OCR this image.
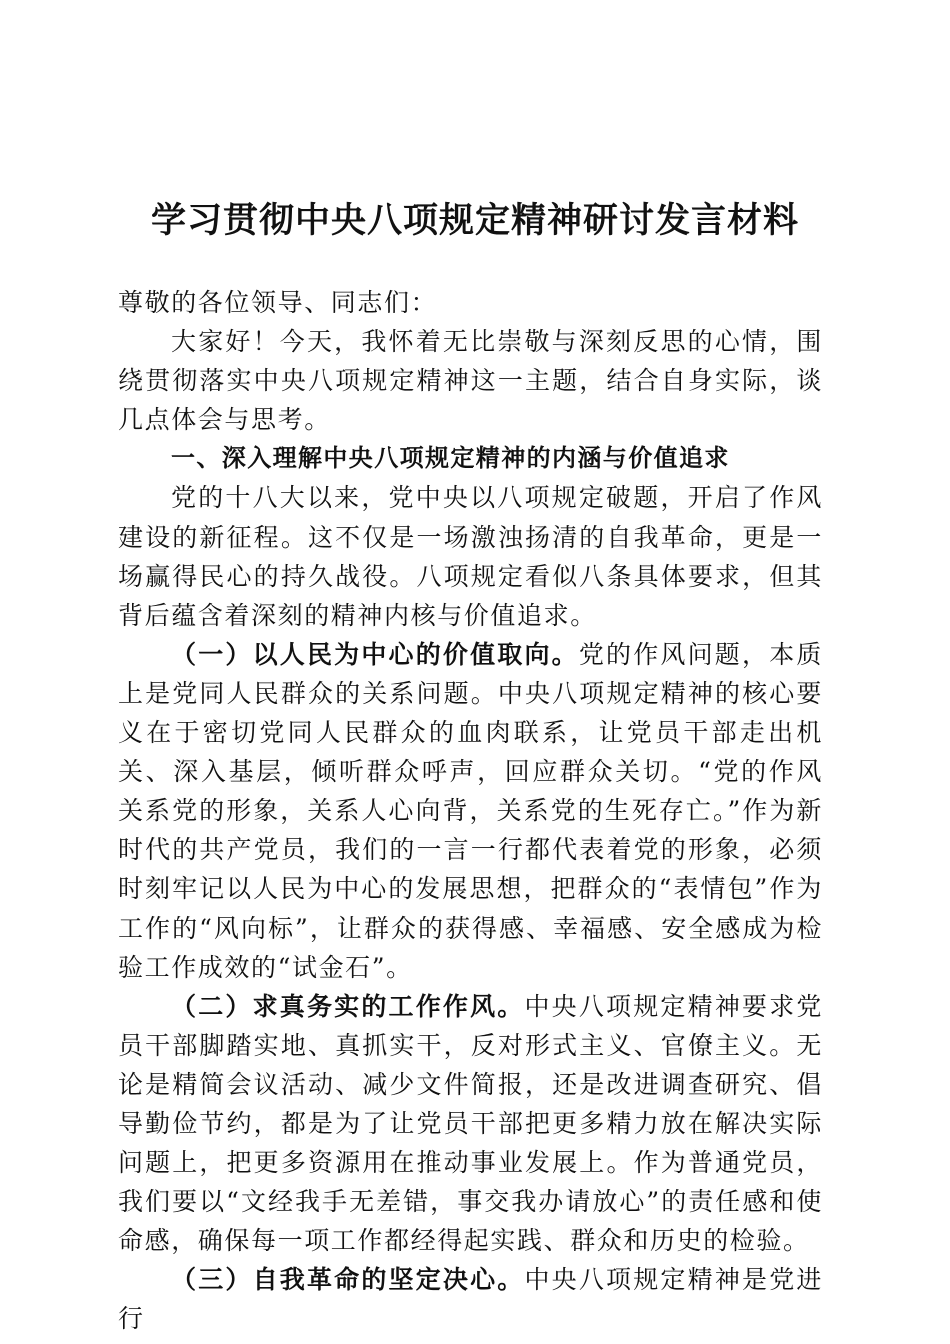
学习贯彻中央八项规定精神研讨发言材料

尊敬的各位领导、同志们：

大家好！今天，我怀着无比崇敬与深刻反思的心情，围绕贯彻落实中央八项规定精神这一主题，结合自身实际，谈几点体会与思考。

一、深入理解中央八项规定精神的内涵与价值追求

党的十八大以来，党中央以八项规定破题，开启了作风建设的新征程。这不仅是一场激浊扬清的自我革命，更是一场赢得民心的持久战役。八项规定看似八条具体要求，但其背后蕴含着深刻的精神内核与价值追求。

（一）以人民为中心的价值取向。党的作风问题，本质上是党同人民群众的关系问题。中央八项规定精神的核心要义在于密切党同人民群众的血肉联系，让党员干部走出机关、深入基层，倾听群众呼声，回应群众关切。“党的作风关系党的形象，关系人心向背，关系党的生死存亡。”作为新时代的共产党员，我们的一言一行都代表着党的形象，必须时刻牢记以人民为中心的发展思想，把群众的“表情包”作为工作的“风向标”，让群众的获得感、幸福感、安全感成为检验工作成效的“试金石”。

（二）求真务实的工作作风。中央八项规定精神要求党员干部脚踏实地、真抓实干，反对形式主义、官僚主义。无论是精简会议活动、减少文件简报，还是改进调查研究、倡导勤俭节约，都是为了让党员干部把更多精力放在解决实际问题上，把更多资源用在推动事业发展上。作为普通党员，我们要以“文经我手无差错，事交我办请放心”的责任感和使命感，确保每一项工作都经得起实践、群众和历史的检验。

（三）自我革命的坚定决心。中央八项规定精神是党进行
